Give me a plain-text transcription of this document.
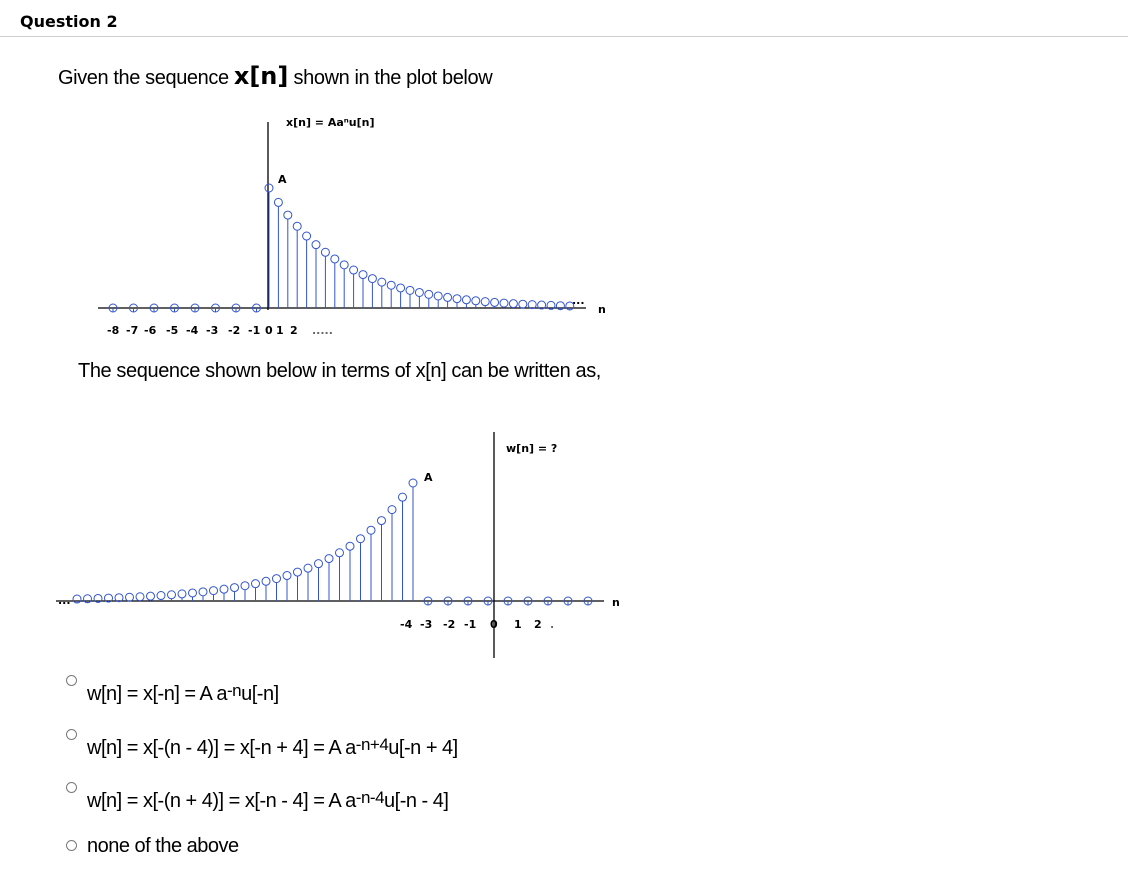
Question 2
Given the sequence x[n] shown in the plot below
x[n] = Aaⁿu[n]
A
n
...
-8 -7 -6 -5 -4 -3 -2 -1 0 1 2 .....
The sequence shown below in terms of x[n] can be written as,
w[n] = ?
A
n
...
-4 -3 -2 -1 0 1 2 .
w[n] = x[-n] = A $a^{-n}u[-n]$
w[n] = x[-(n - 4)] = x[-n + 4] = A $a^{-n+4}u[-n + 4]$
w[n] = x[-(n + 4)] = x[-n - 4] = A $a^{-n-4}u[-n - 4]$
none of the above
